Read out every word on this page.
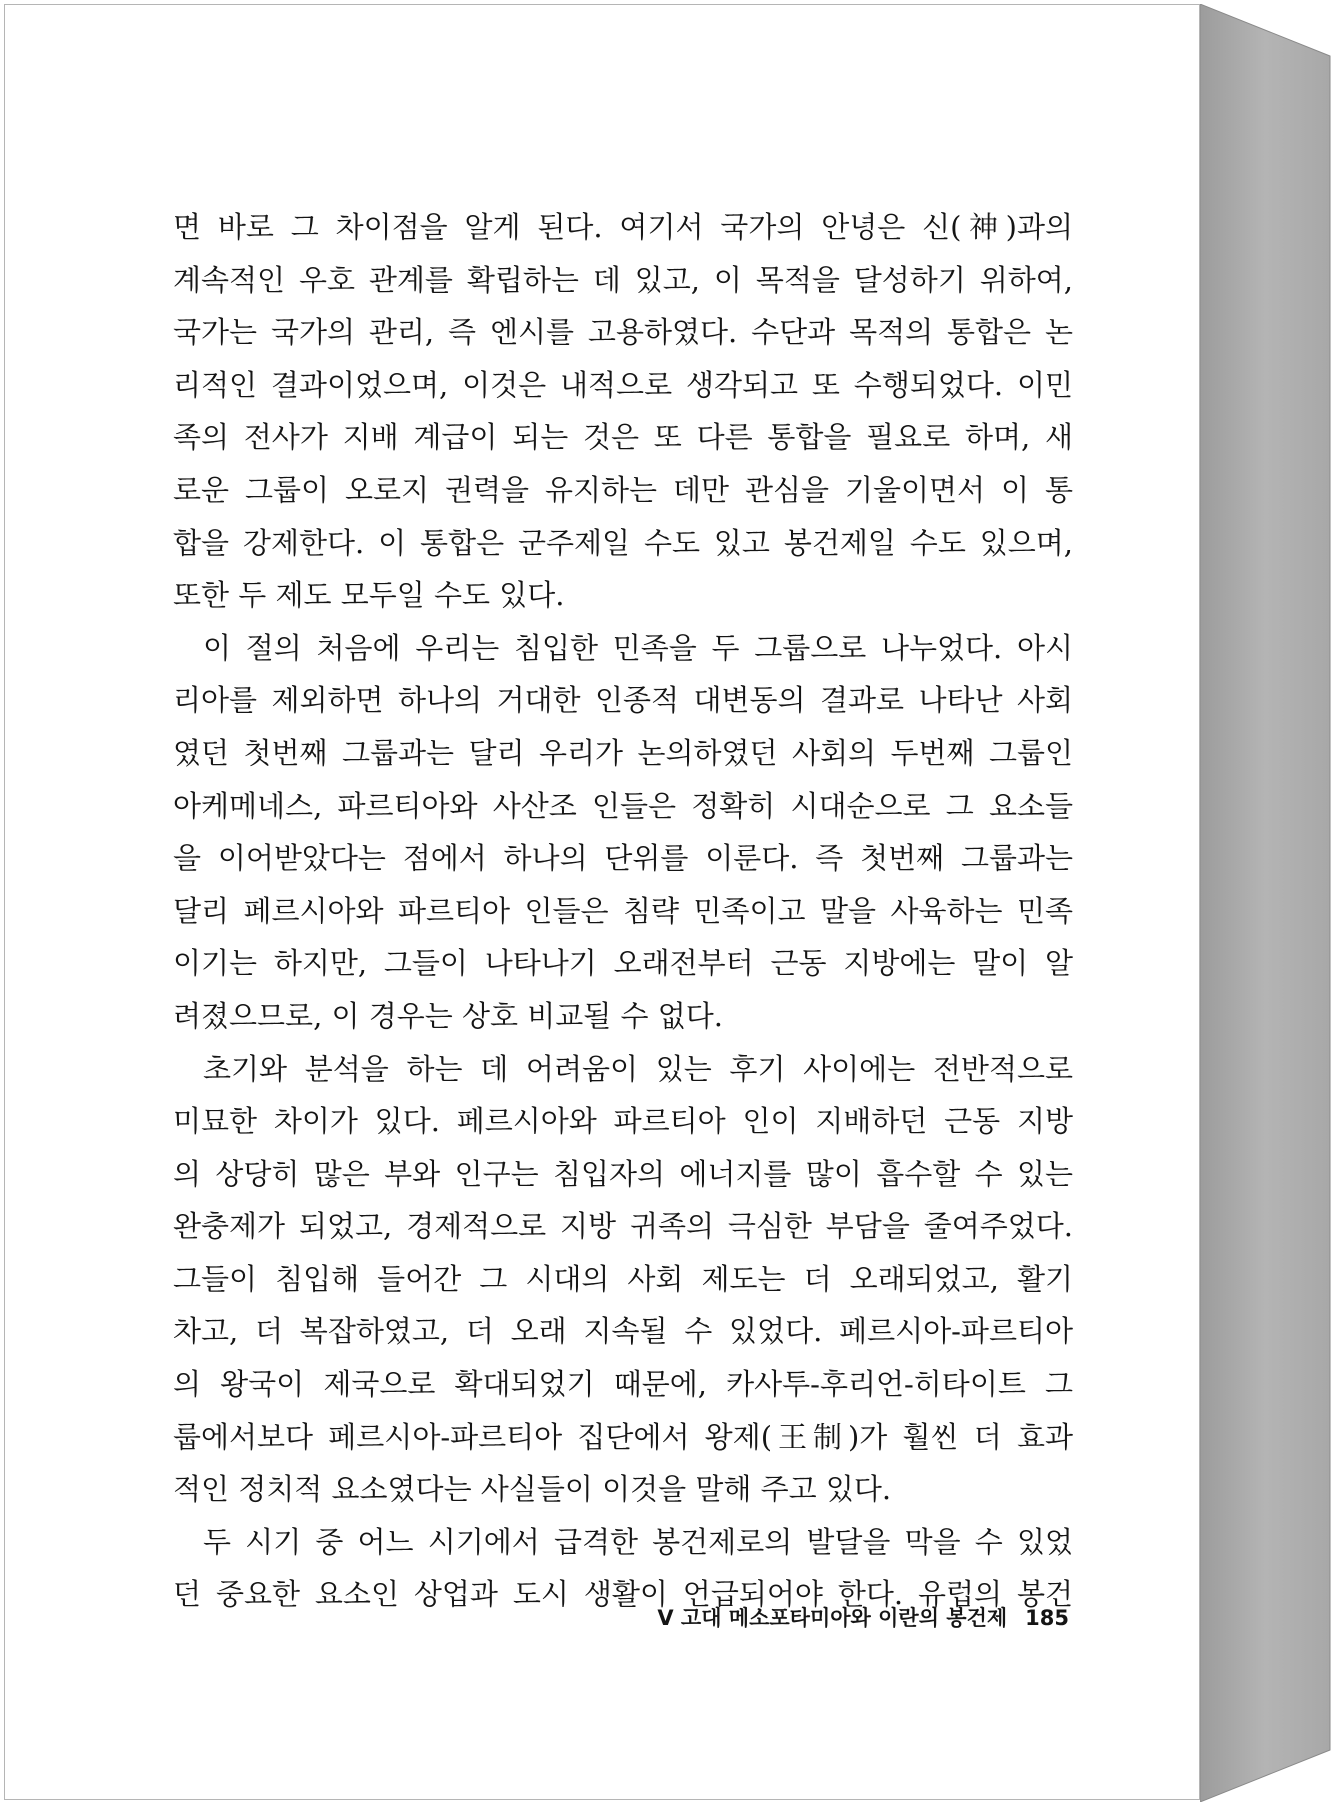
면 바로 그 차이점을 알게 된다. 여기서 국가의 안녕은 신(神)과의
계속적인 우호 관계를 확립하는 데 있고, 이 목적을 달성하기 위하여,
국가는 국가의 관리, 즉 엔시를 고용하였다. 수단과 목적의 통합은 논
리적인 결과이었으며, 이것은 내적으로 생각되고 또 수행되었다. 이민
족의 전사가 지배 계급이 되는 것은 또 다른 통합을 필요로 하며, 새
로운 그룹이 오로지 권력을 유지하는 데만 관심을 기울이면서 이 통
합을 강제한다. 이 통합은 군주제일 수도 있고 봉건제일 수도 있으며,
또한 두 제도 모두일 수도 있다.
이 절의 처음에 우리는 침입한 민족을 두 그룹으로 나누었다. 아시
리아를 제외하면 하나의 거대한 인종적 대변동의 결과로 나타난 사회
였던 첫번째 그룹과는 달리 우리가 논의하였던 사회의 두번째 그룹인
아케메네스, 파르티아와 사산조 인들은 정확히 시대순으로 그 요소들
을 이어받았다는 점에서 하나의 단위를 이룬다. 즉 첫번째 그룹과는
달리 페르시아와 파르티아 인들은 침략 민족이고 말을 사육하는 민족
이기는 하지만, 그들이 나타나기 오래전부터 근동 지방에는 말이 알
려졌으므로, 이 경우는 상호 비교될 수 없다.
초기와 분석을 하는 데 어려움이 있는 후기 사이에는 전반적으로
미묘한 차이가 있다. 페르시아와 파르티아 인이 지배하던 근동 지방
의 상당히 많은 부와 인구는 침입자의 에너지를 많이 흡수할 수 있는
완충제가 되었고, 경제적으로 지방 귀족의 극심한 부담을 줄여주었다.
그들이 침입해 들어간 그 시대의 사회 제도는 더 오래되었고, 활기
차고, 더 복잡하였고, 더 오래 지속될 수 있었다. 페르시아-파르티아
의 왕국이 제국으로 확대되었기 때문에, 카사투-후리언-히타이트 그
룹에서보다 페르시아-파르티아 집단에서 왕제(王制)가 훨씬 더 효과
적인 정치적 요소였다는 사실들이 이것을 말해 주고 있다.
두 시기 중 어느 시기에서 급격한 봉건제로의 발달을 막을 수 있었
던 중요한 요소인 상업과 도시 생활이 언급되어야 한다. 유럽의 봉건
V 고대 메소포타미아와 이란의 봉건제 185
